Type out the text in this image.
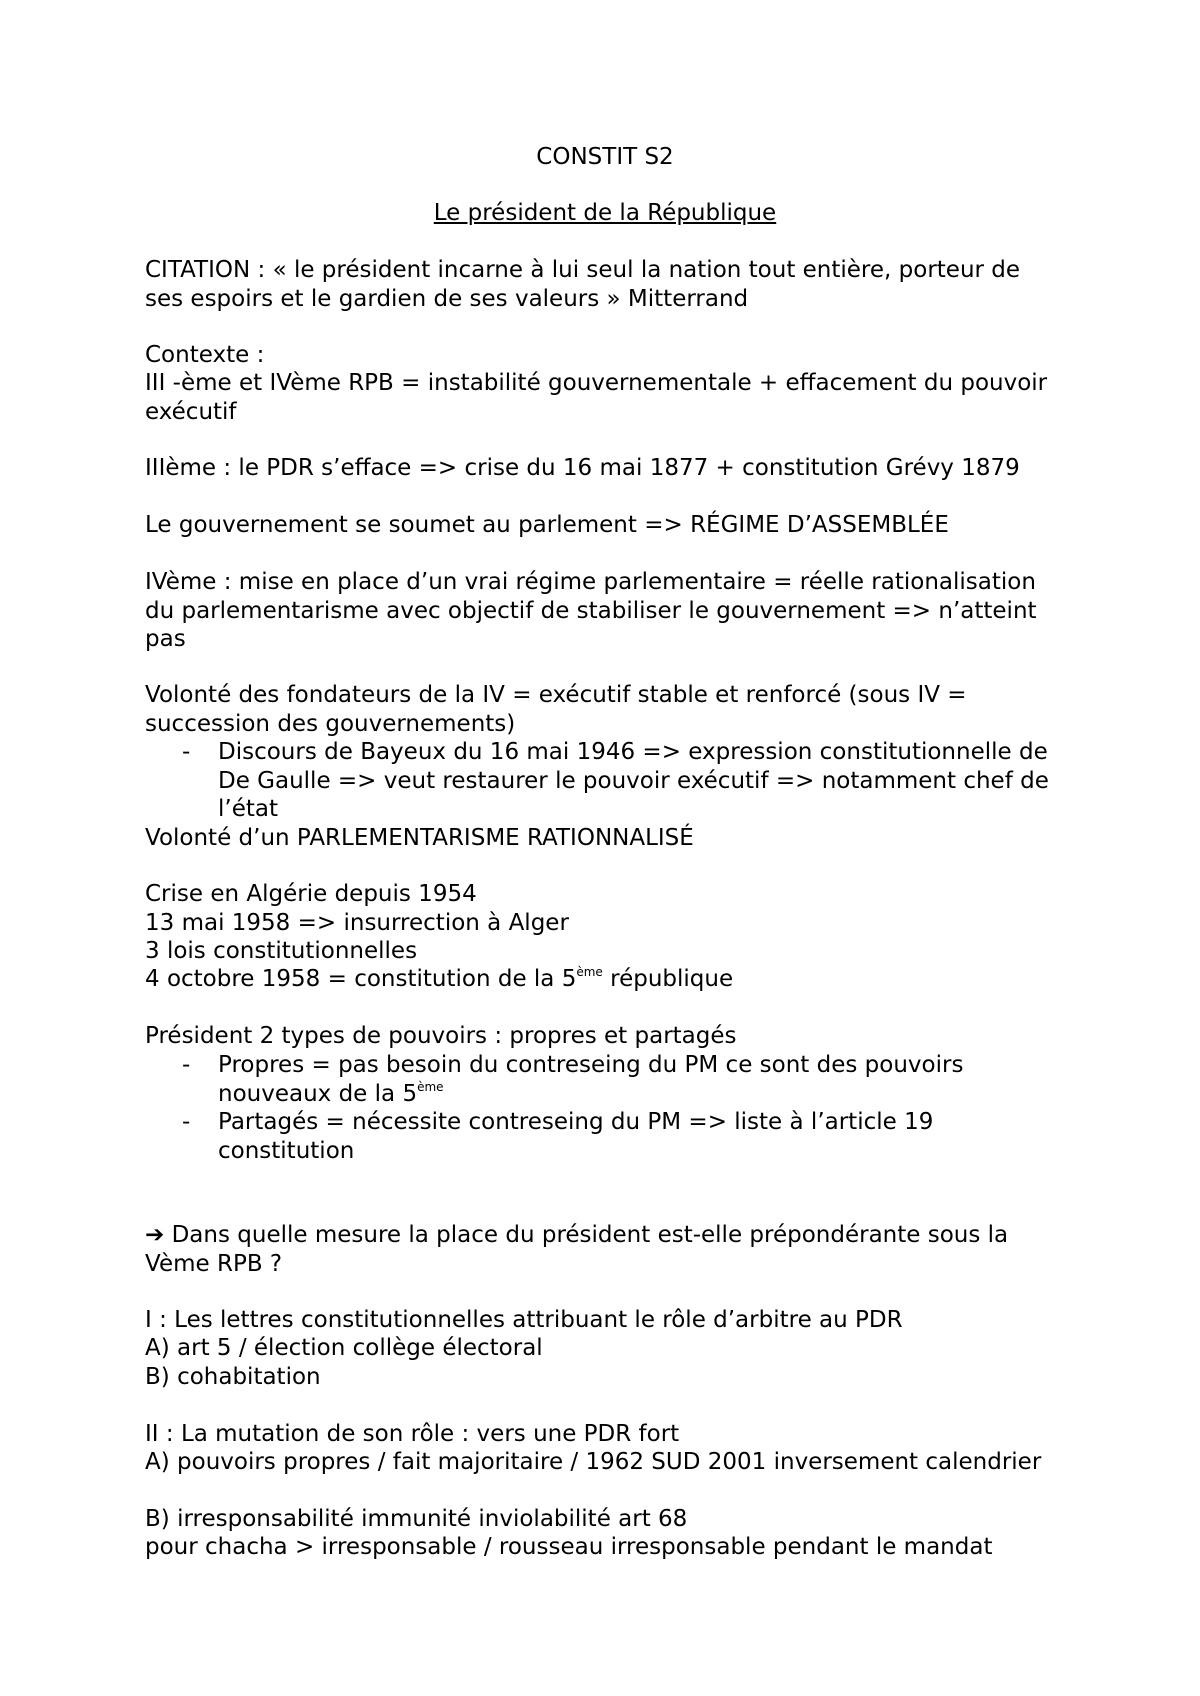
CONSTIT S2
Le président de la République

CITATION : « le président incarne à lui seul la nation tout entière, porteur de ses espoirs et le gardien de ses valeurs » Mitterrand

Contexte :

III -ème et IVème RPB = instabilité gouvernementale + effacement du pouvoir exécutif

IIIème : le PDR s’efface => crise du 16 mai 1877 + constitution Grévy 1879

Le gouvernement se soumet au parlement => RÉGIME D’ASSEMBLÉE

IVème : mise en place d’un vrai régime parlementaire = réelle rationalisation du parlementarisme avec objectif de stabiliser le gouvernement => n’atteint pas

Volonté des fondateurs de la IV = exécutif stable et renforcé (sous IV = succession des gouvernements)

- Discours de Bayeux du 16 mai 1946 => expression constitutionnelle de De Gaulle => veut restaurer le pouvoir exécutif => notamment chef de l’état

Volonté d’un PARLEMENTARISME RATIONNALISÉ

Crise en Algérie depuis 1954

13 mai 1958 => insurrection à Alger

3 lois constitutionnelles

4 octobre 1958 = constitution de la 5ème république

Président 2 types de pouvoirs : propres et partagés

- Propres = pas besoin du contreseing du PM ce sont des pouvoirs nouveaux de la 5ème
- Partagés = nécessite contreseing du PM => liste à l’article 19 constitution

➔ Dans quelle mesure la place du président est-elle prépondérante sous la Vème RPB ?

I : Les lettres constitutionnelles attribuant le rôle d’arbitre au PDR

A) art 5 / élection collège électoral

B) cohabitation

II : La mutation de son rôle : vers une PDR fort

A) pouvoirs propres / fait majoritaire / 1962 SUD 2001 inversement calendrier

B) irresponsabilité immunité inviolabilité art 68

pour chacha > irresponsable / rousseau irresponsable pendant le mandat
